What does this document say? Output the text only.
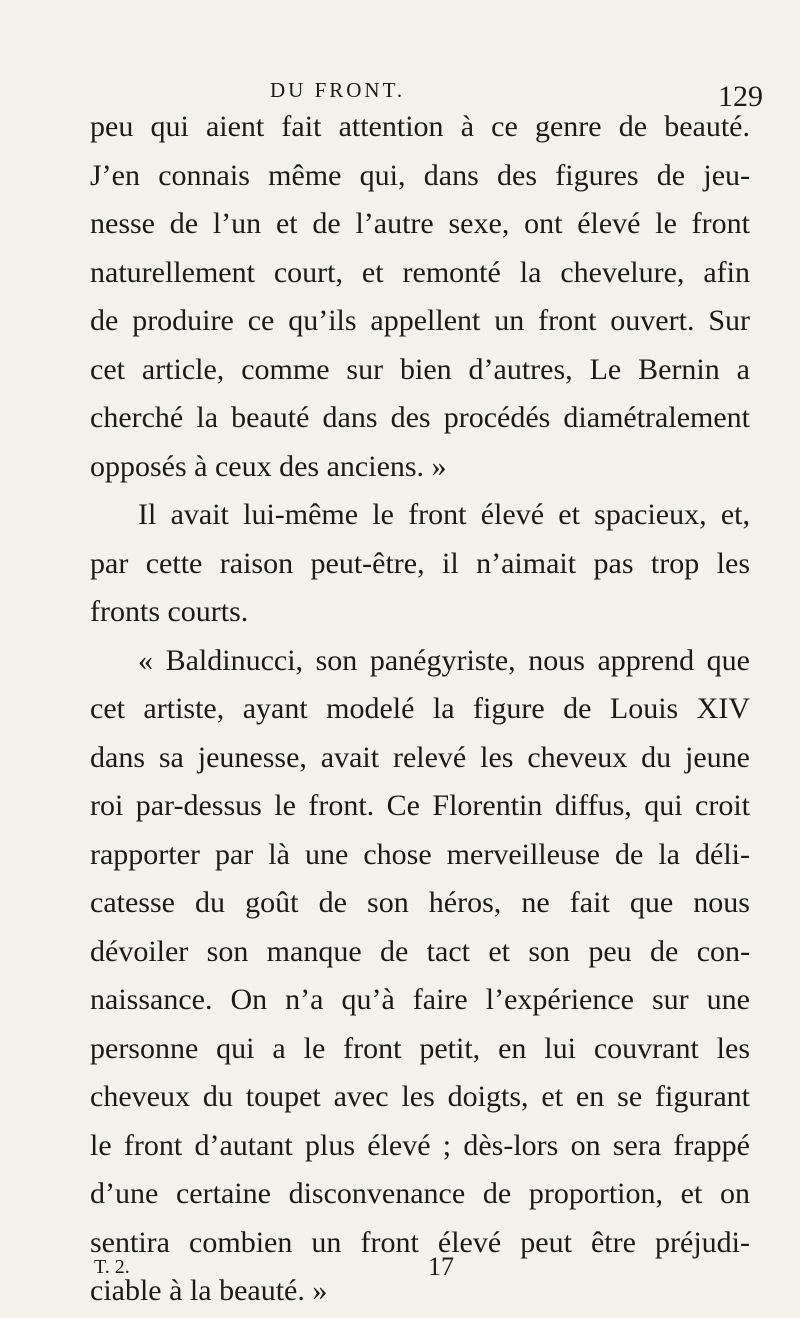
DU FRONT.	129
peu qui aient fait attention à ce genre de beauté.
J’en connais même qui, dans des figures de jeu-
nesse de l’un et de l’autre sexe, ont élevé le front
naturellement court, et remonté la chevelure, afin
de produire ce qu’ils appellent un front ouvert. Sur
cet article, comme sur bien d’autres, Le Bernin a
cherché la beauté dans des procédés diamétralement
opposés à ceux des anciens. »
Il avait lui-même le front élevé et spacieux, et,
par cette raison peut-être, il n’aimait pas trop les
fronts courts.
« Baldinucci, son panégyriste, nous apprend que
cet artiste, ayant modelé la figure de Louis XIV
dans sa jeunesse, avait relevé les cheveux du jeune
roi par-dessus le front. Ce Florentin diffus, qui croit
rapporter par là une chose merveilleuse de la déli-
catesse du goût de son héros, ne fait que nous
dévoiler son manque de tact et son peu de con-
naissance. On n’a qu’à faire l’expérience sur une
personne qui a le front petit, en lui couvrant les
cheveux du toupet avec les doigts, et en se figurant
le front d’autant plus élevé ; dès-lors on sera frappé
d’une certaine disconvenance de proportion, et on
sentira combien un front élevé peut être préjudi-
ciable à la beauté. »
T. 2.	17
